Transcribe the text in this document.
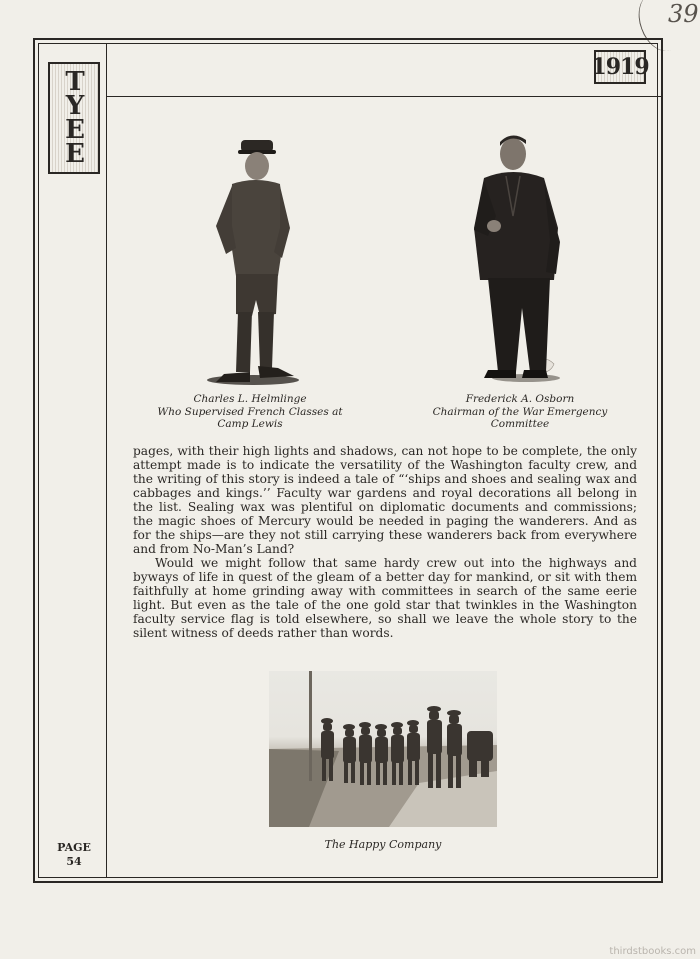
39
T
Y
E
E
1919
Charles L. Helmlinge
Who Supervised French Classes at
Camp Lewis
Frederick A. Osborn
Chairman of the War Emergency
Committee

pages, with their high lights and shadows, can not hope to be complete, the only attempt made is to indicate the versatility of the Washington faculty crew, and the writing of this story is indeed a tale of “‘ships and shoes and sealing wax and cabbages and kings.’’ Faculty war gardens and royal decorations all belong in the list. Sealing wax was plentiful on diplomatic documents and commissions; the magic shoes of Mercury would be needed in paging the wanderers. And as for the ships—are they not still carrying these wanderers back from everywhere and from No-Man’s Land?

Would we might follow that same hardy crew out into the highways and byways of life in quest of the gleam of a better day for mankind, or sit with them faithfully at home grinding away with committees in search of the same eerie light. But even as the tale of the one gold star that twinkles in the Washington faculty service flag is told elsewhere, so shall we leave the whole story to the silent witness of deeds rather than words.

The Happy Company
PAGE
54
thirdstbooks.com
